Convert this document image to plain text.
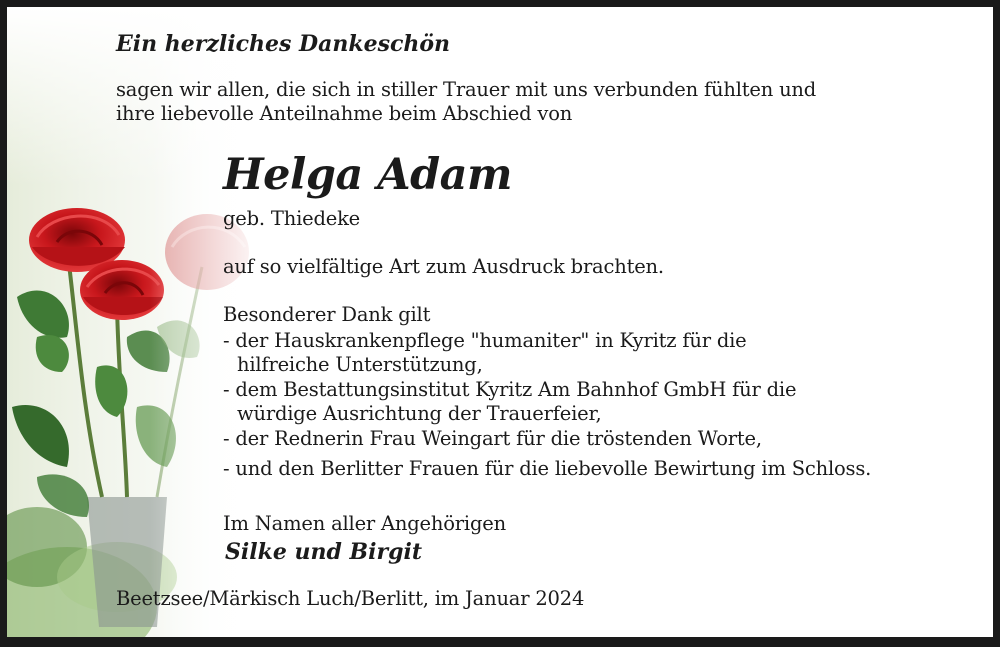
Ein herzliches Dankeschön
sagen wir allen, die sich in stiller Trauer mit uns verbunden fühlten und
ihre liebevolle Anteilnahme beim Abschied von
Helga Adam
geb. Thiedeke
auf so vielfältige Art zum Ausdruck brachten.
Besonderer Dank gilt
- der Hauskrankenpflege "humaniter" in Kyritz für die
hilfreiche Unterstützung,
- dem Bestattungsinstitut Kyritz Am Bahnhof GmbH für die
würdige Ausrichtung der Trauerfeier,
- der Rednerin Frau Weingart für die tröstenden Worte,
- und den Berlitter Frauen für die liebevolle Bewirtung im Schloss.
Im Namen aller Angehörigen
Silke und Birgit
Beetzsee/Märkisch Luch/Berlitt, im Januar 2024
